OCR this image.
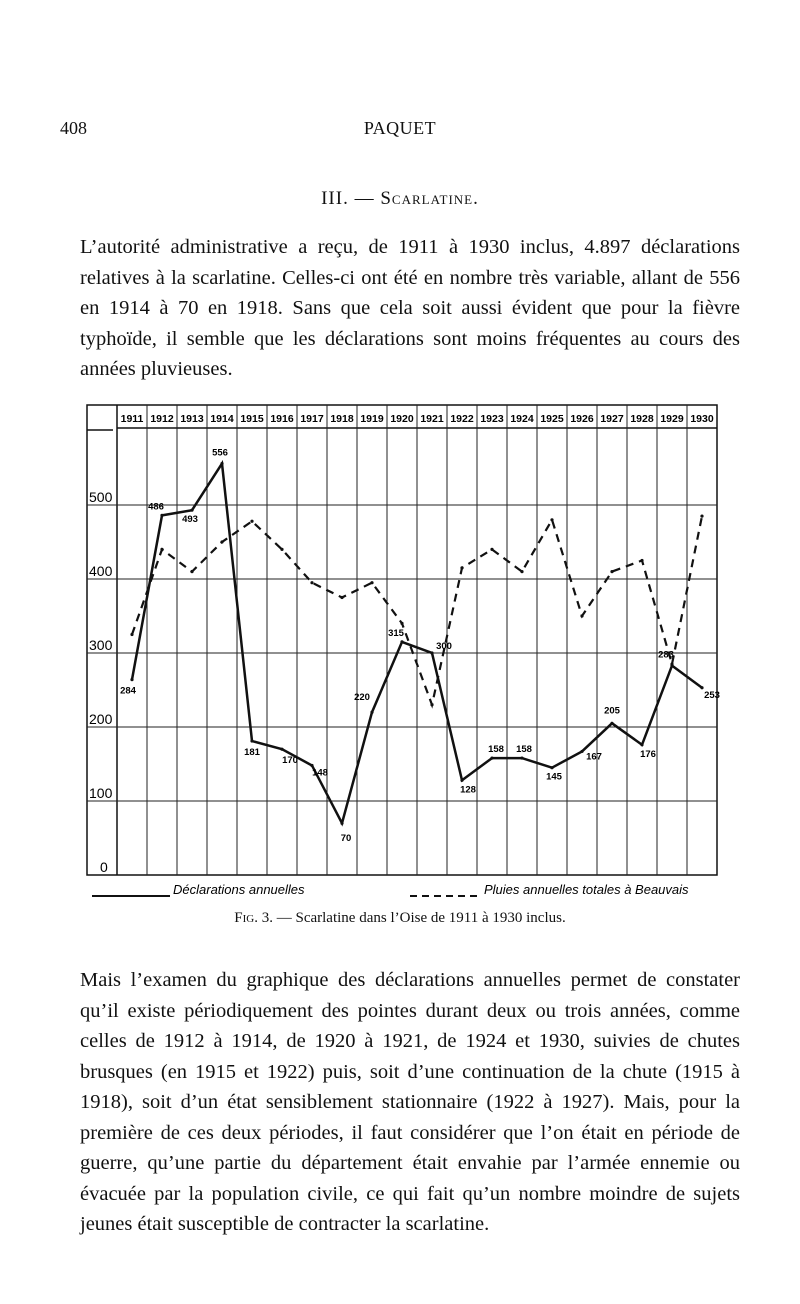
408	PAQUET
III. — Scarlatine.
L’autorité administrative a reçu, de 1911 à 1930 inclus, 4.897 déclarations relatives à la scarlatine. Celles-ci ont été en nombre très variable, allant de 556 en 1914 à 70 en 1918. Sans que cela soit aussi évident que pour la fièvre typhoïde, il semble que les déclarations sont moins fréquentes au cours des années pluvieuses.
500
400
300
200
100
0
1911 1912 1913 1914 1915 1916 1917 1918 1919 1920 1921 1922 1923 1924 1925 1926 1927 1928 1929 1930
284
486
493
556
181
170
148
70
220
315
300
128
158 158
145
167
205
176
283
253
Déclarations annuelles	Pluies annuelles totales à Beauvais
Fig. 3. — Scarlatine dans l’Oise de 1911 à 1930 inclus.
Mais l’examen du graphique des déclarations annuelles permet de constater qu’il existe périodiquement des pointes durant deux ou trois années, comme celles de 1912 à 1914, de 1920 à 1921, de 1924 et 1930, suivies de chutes brusques (en 1915 et 1922) puis, soit d’une continuation de la chute (1915 à 1918), soit d’un état sensiblement stationnaire (1922 à 1927). Mais, pour la première de ces deux périodes, il faut considérer que l’on était en période de guerre, qu’une partie du département était envahie par l’armée ennemie ou évacuée par la population civile, ce qui fait qu’un nombre moindre de sujets jeunes était susceptible de contracter la scarlatine.
